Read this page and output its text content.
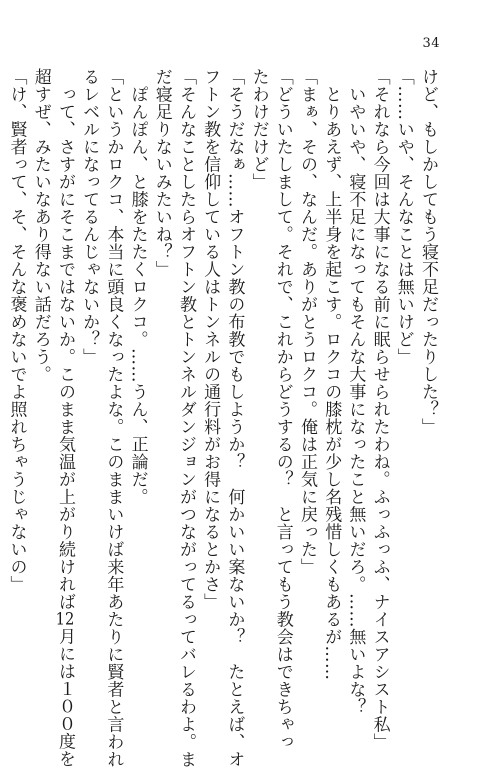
34
けど、もしかしてもう寝不足だったりした？」
「……いや、そんなことは無いけど」
「それなら今回は大事になる前に眠らせられたわね。ふっふっふ、ナイスアシスト私」
　いやいや、寝不足になってもそんな大事になったこと無いだろ。……無いよな？
　とりあえず、上半身を起こす。ロクコの膝枕が少し名残惜しくもあるが……
「まぁ、その、なんだ。ありがとうロクコ。俺は正気に戻った」
「どういたしまして。それで、これからどうするの？　と言ってもう教会はできちゃっ
たわけだけど」
「そうだなぁ……オフトン教の布教でもしようか？　何かいい案ないか？　たとえば、オ
フトン教を信仰している人はトンネルの通行料がお得になるとかさ」
「そんなことしたらオフトン教とトンネルダンジョンがつながってるってバレるわよ。ま
だ寝足りないみたいね？」
　ぽんぽん、と膝をたたくロクコ。……うん、正論だ。
「というかロクコ、本当に頭良くなったよな。このままいけば来年あたりに賢者と言われ
るレベルになってるんじゃないか？」
　って、さすがにそこまではないか。このまま気温が上がり続ければ12月には１００度を
超すぜ、みたいなあり得ない話だろう。
「け、賢者って、そ、そんな褒めないでよ照れちゃうじゃないの」
